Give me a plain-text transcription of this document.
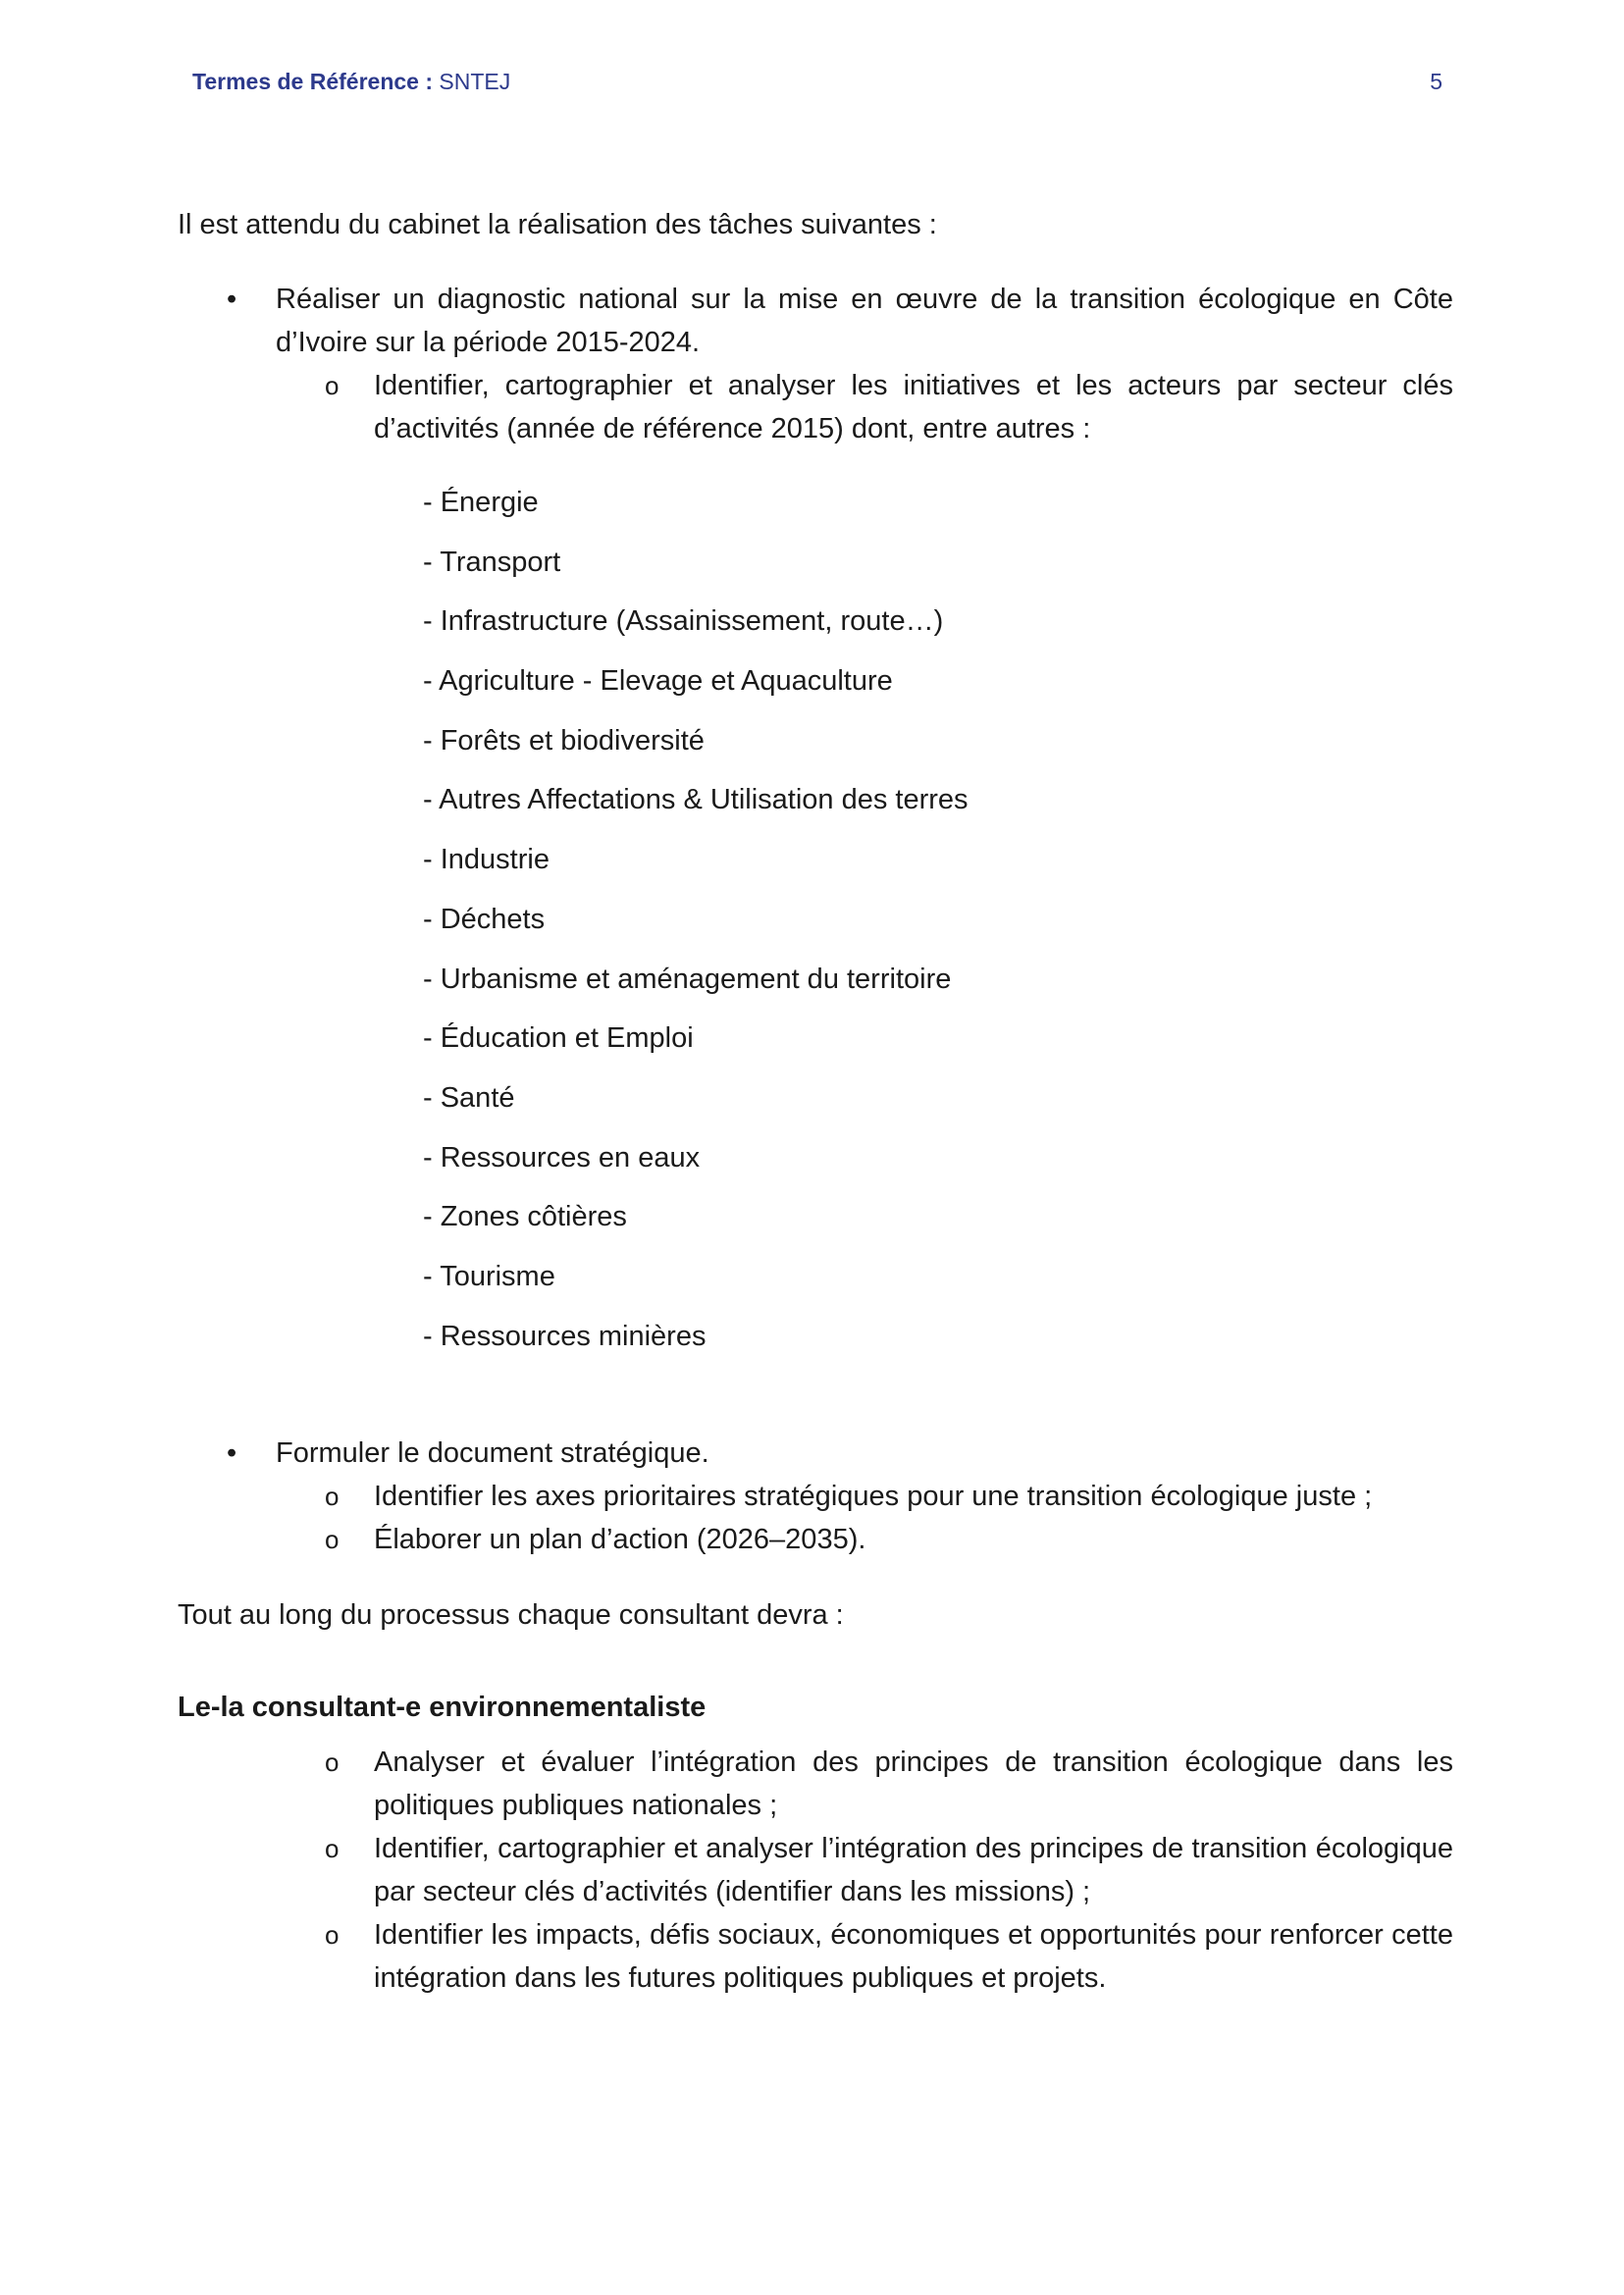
Termes de Référence : SNTEJ	5
Il est attendu du cabinet la réalisation des tâches suivantes :
• Réaliser un diagnostic national sur la mise en œuvre de la transition écologique en Côte d’Ivoire sur la période 2015-2024.
o Identifier, cartographier et analyser les initiatives et les acteurs par secteur clés d’activités (année de référence 2015) dont, entre autres :
- Énergie
- Transport
- Infrastructure (Assainissement, route…)
- Agriculture - Elevage et Aquaculture
- Forêts et biodiversité
- Autres Affectations & Utilisation des terres
- Industrie
- Déchets
- Urbanisme et aménagement du territoire
- Éducation et Emploi
- Santé
- Ressources en eaux
- Zones côtières
- Tourisme
- Ressources minières
• Formuler le document stratégique.
o Identifier les axes prioritaires stratégiques pour une transition écologique juste ;
o Élaborer un plan d’action (2026–2035).
Tout au long du processus chaque consultant devra :
Le-la consultant-e environnementaliste
o Analyser et évaluer l’intégration des principes de transition écologique dans les politiques publiques nationales ;
o Identifier, cartographier et analyser l’intégration des principes de transition écologique par secteur clés d’activités (identifier dans les missions) ;
o Identifier les impacts, défis sociaux, économiques et opportunités pour renforcer cette intégration dans les futures politiques publiques et projets.
